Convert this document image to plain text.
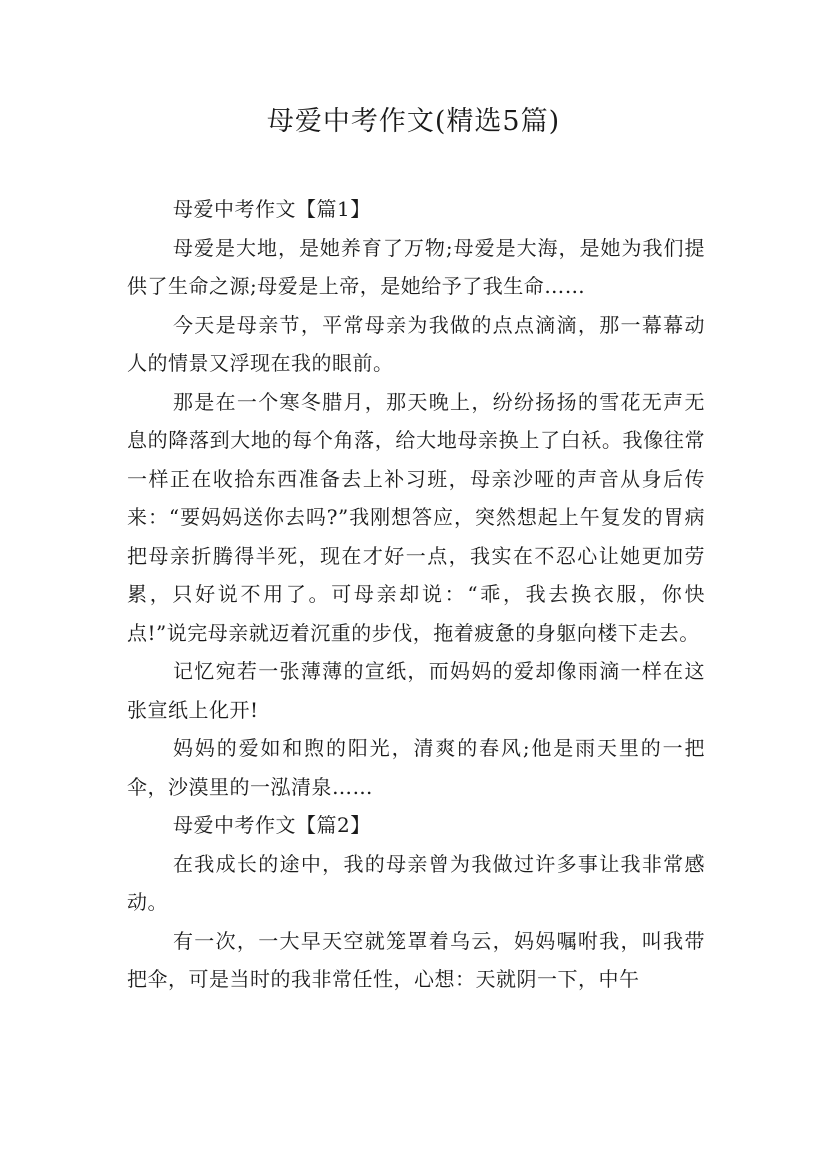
母爱中考作文(精选5篇)

母爱中考作文【篇1】

母爱是大地，是她养育了万物;母爱是大海，是她为我们提供了生命之源;母爱是上帝，是她给予了我生命……

今天是母亲节，平常母亲为我做的点点滴滴，那一幕幕动人的情景又浮现在我的眼前。

那是在一个寒冬腊月，那天晚上，纷纷扬扬的雪花无声无息的降落到大地的每个角落，给大地母亲换上了白袄。我像往常一样正在收拾东西准备去上补习班，母亲沙哑的声音从身后传来：“要妈妈送你去吗?”我刚想答应，突然想起上午复发的胃病把母亲折腾得半死，现在才好一点，我实在不忍心让她更加劳累，只好说不用了。可母亲却说：“乖，我去换衣服，你快点!”说完母亲就迈着沉重的步伐，拖着疲惫的身躯向楼下走去。

记忆宛若一张薄薄的宣纸，而妈妈的爱却像雨滴一样在这张宣纸上化开!

妈妈的爱如和煦的阳光，清爽的春风;他是雨天里的一把伞，沙漠里的一泓清泉……

母爱中考作文【篇2】

在我成长的途中，我的母亲曾为我做过许多事让我非常感动。

有一次，一大早天空就笼罩着乌云，妈妈嘱咐我，叫我带把伞，可是当时的我非常任性，心想：天就阴一下，中午
